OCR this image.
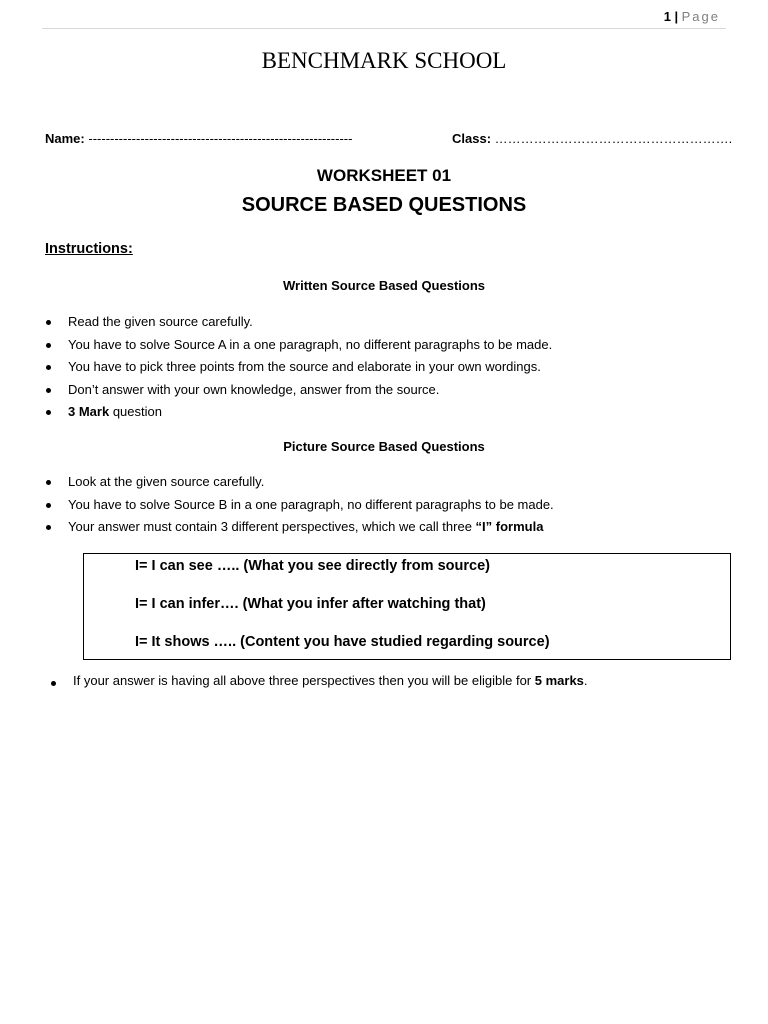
1 | Page
BENCHMARK SCHOOL
Name: -------------------------------------------------------------	Class: ……………………………………………….
WORKSHEET 01
SOURCE BASED QUESTIONS
Instructions:
Written Source Based Questions
Read the given source carefully.
You have to solve Source A in a one paragraph, no different paragraphs to be made.
You have to pick three points from the source and elaborate in your own wordings.
Don’t answer with your own knowledge, answer from the source.
3 Mark question
Picture Source Based Questions
Look at the given source carefully.
You have to solve Source B in a one paragraph, no different paragraphs to be made.
Your answer must contain 3 different perspectives, which we call three “I” formula
I= I can see ….. (What you see directly from source)
I= I can infer…. (What you infer after watching that)
I= It shows ….. (Content you have studied regarding source)
If your answer is having all above three perspectives then you will be eligible for 5 marks.
